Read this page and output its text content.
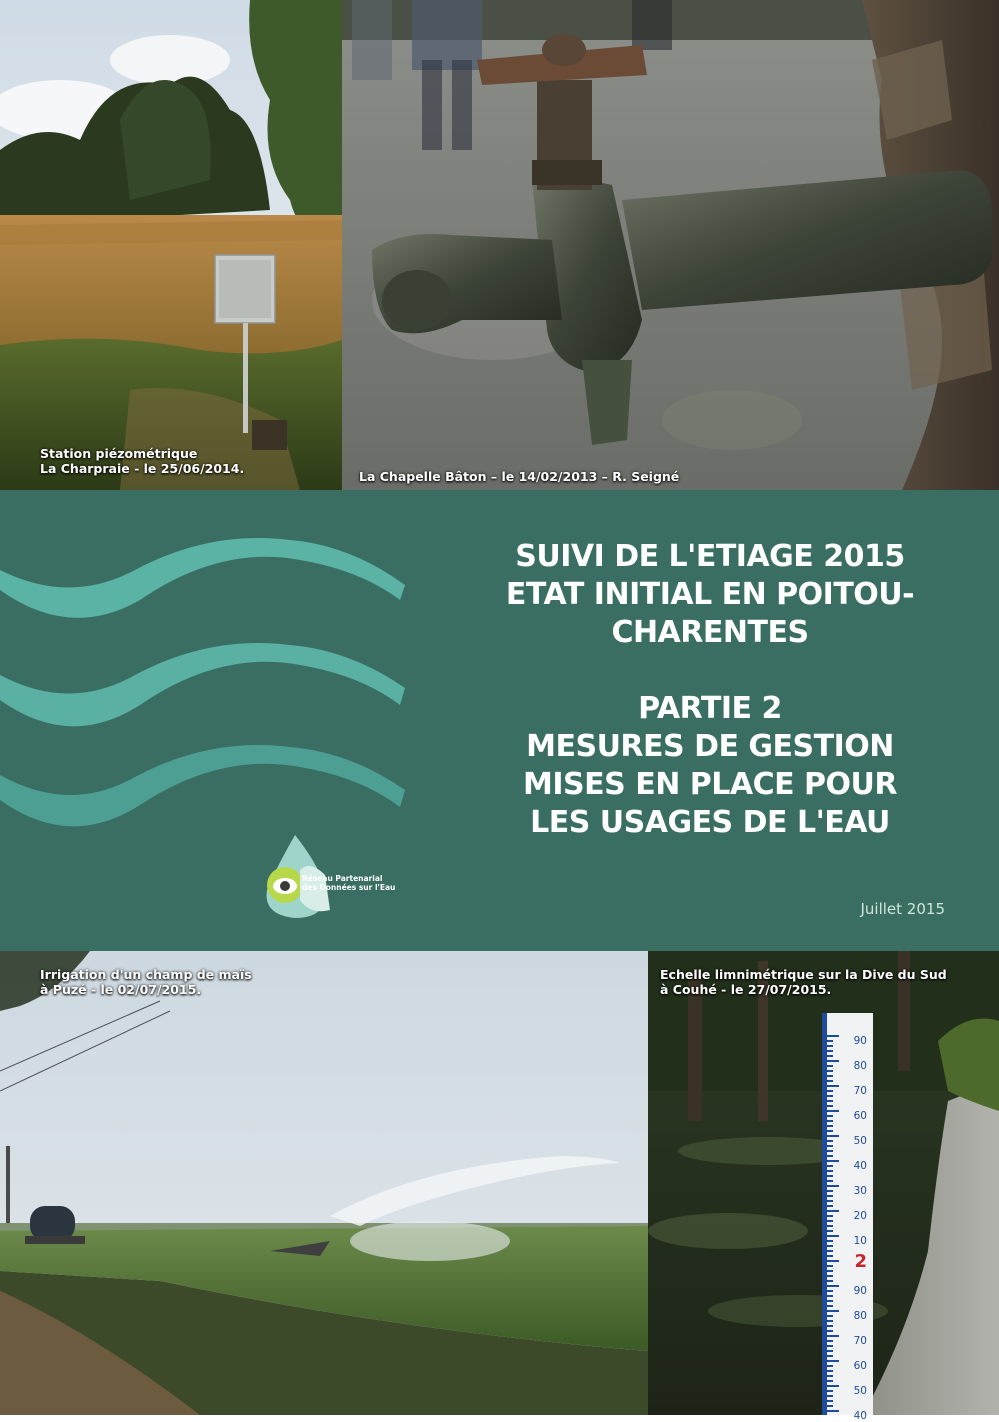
Station piézométrique
La Charpraie - le 25/06/2014.
La Chapelle Bâton – le 14/02/2013 – R. Seigné
SUIVI DE L'ETIAGE 2015
ETAT INITIAL EN POITOU-
CHARENTES
PARTIE 2
MESURES DE GESTION
MISES EN PLACE POUR
LES USAGES DE L'EAU
Réseau Partenarial
des Données sur l'Eau
Juillet 2015
Irrigation d'un champ de maïs
à Puzé - le 02/07/2015.
90
80
70
60
50
40
30
20
10
2
90
80
70
60
50
40
Echelle limnimétrique sur la Dive du Sud
à Couhé - le 27/07/2015.
